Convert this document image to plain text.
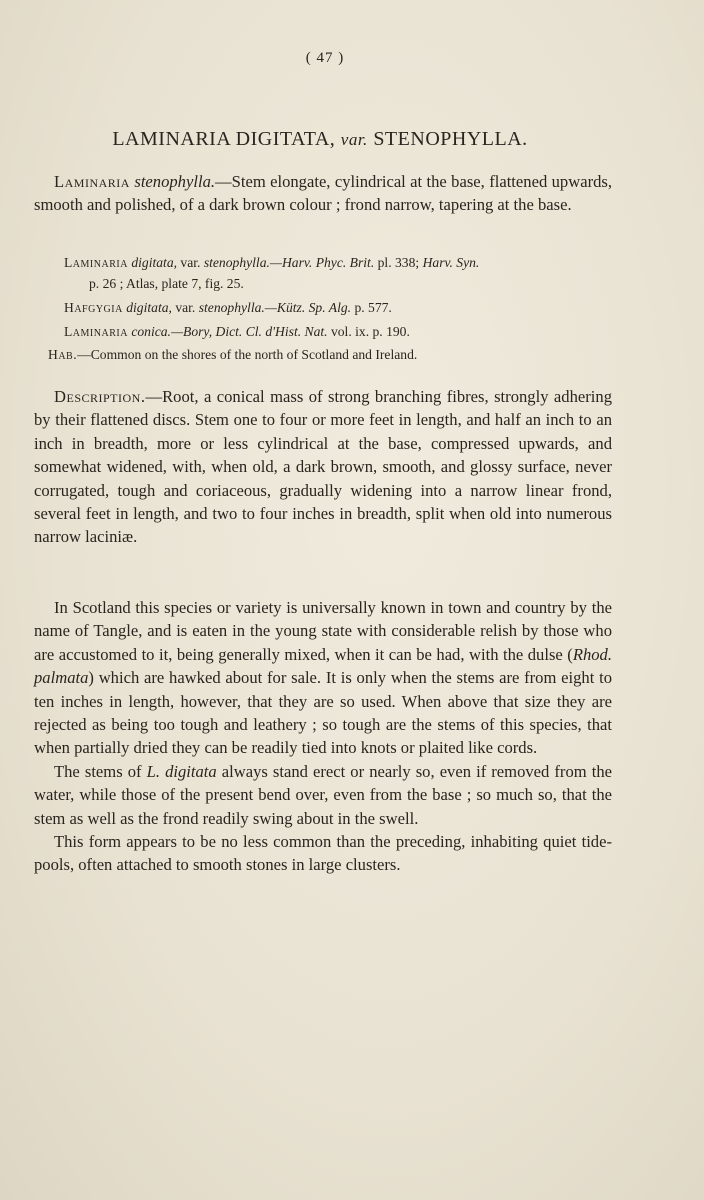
( 47 )
LAMINARIA DIGITATA, var. STENOPHYLLA.
Laminaria stenophylla.—Stem elongate, cylindrical at the base, flattened upwards, smooth and polished, of a dark brown colour ; frond narrow, tapering at the base.
Laminaria digitata, var. stenophylla.—Harv. Phyc. Brit. pl. 338; Harv. Syn.
p. 26 ; Atlas, plate 7, fig. 25.
Hafgygia digitata, var. stenophylla.—Kütz. Sp. Alg. p. 577.
Laminaria conica.—Bory, Dict. Cl. d'Hist. Nat. vol. ix. p. 190.
Hab.—Common on the shores of the north of Scotland and Ireland.
Description.—Root, a conical mass of strong branching fibres, strongly adhering by their flattened discs. Stem one to four or more feet in length, and half an inch to an inch in breadth, more or less cylindrical at the base, compressed upwards, and somewhat widened, with, when old, a dark brown, smooth, and glossy surface, never corrugated, tough and coriaceous, gradually widening into a narrow linear frond, several feet in length, and two to four inches in breadth, split when old into numerous narrow laciniæ.
In Scotland this species or variety is universally known in town and country by the name of Tangle, and is eaten in the young state with considerable relish by those who are accustomed to it, being generally mixed, when it can be had, with the dulse (Rhod. palmata) which are hawked about for sale. It is only when the stems are from eight to ten inches in length, however, that they are so used. When above that size they are rejected as being too tough and leathery ; so tough are the stems of this species, that when partially dried they can be readily tied into knots or plaited like cords.
The stems of L. digitata always stand erect or nearly so, even if removed from the water, while those of the present bend over, even from the base ; so much so, that the stem as well as the frond readily swing about in the swell.
This form appears to be no less common than the preceding, inhabiting quiet tide-pools, often attached to smooth stones in large clusters.
